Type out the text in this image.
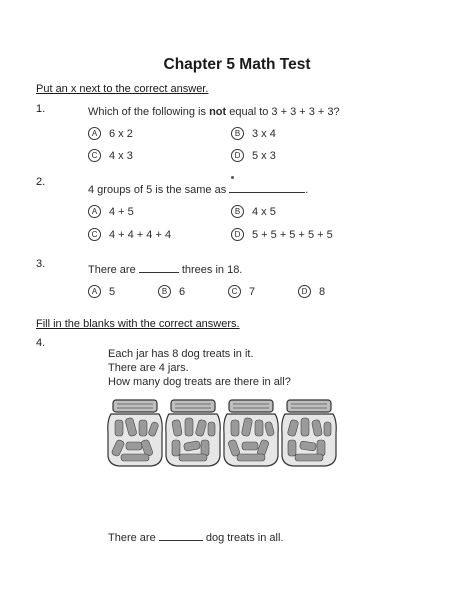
Chapter 5 Math Test
Put an x next to the correct answer.
1.	Which of the following is not equal to 3 + 3 + 3 + 3?
A	6 x 2	B	3 x 4
C	4 x 3	D	5 x 3
2.
4 groups of 5 is the same as	.
A	4 + 5	B	4 x 5
C	4 + 4 + 4 + 4	D	5 + 5 + 5 + 5 + 5
3.	There are	threes in 18.
A	5	B	6	C	7	D	8
Fill in the blanks with the correct answers.
4.
Each jar has 8 dog treats in it.
There are 4 jars.
How many dog treats are there in all?
There are	dog treats in all.
